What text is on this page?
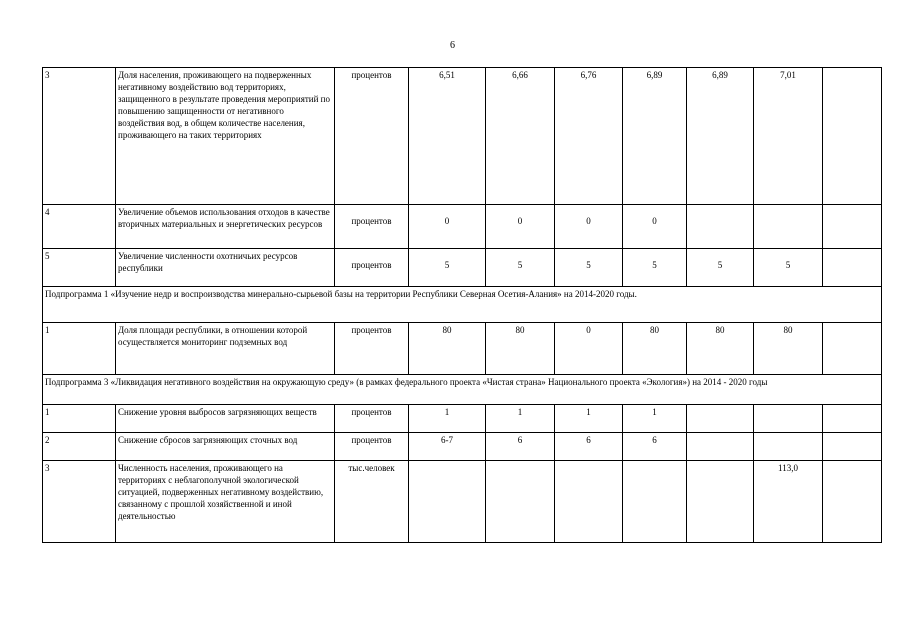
6
3	Доля населения, проживающего на подверженных негативному воздействию вод территориях, защищенного в результате проведения мероприятий по повышению защищенности от негативного воздействия вод, в общем количестве населения, проживающего на таких территориях	процентов	6,51	6,66	6,76	6,89	6,89	7,01	
4	Увеличение объемов использования отходов в качестве вторичных материальных и энергетических ресурсов	процентов	0	0	0	0			
5	Увеличение численности охотничьих ресурсов республики	процентов	5	5	5	5	5	5	
Подпрограмма 1 «Изучение недр и воспроизводства минерально-сырьевой базы на территории Республики Северная Осетия-Алания» на 2014-2020 годы.									
1	Доля площади республики, в отношении которой осуществляется мониторинг подземных вод	процентов	80	80	0	80	80	80	
Подпрограмма 3 «Ликвидация негативного воздействия на окружающую среду» (в рамках федерального проекта «Чистая страна» Национального проекта «Экология») на 2014 - 2020 годы									
1	Снижение уровня выбросов загрязняющих веществ	процентов	1	1	1	1			
2	Снижение сбросов загрязняющих сточных вод	процентов	6-7	6	6	6			
3	Численность населения, проживающего на территориях с неблагополучной экологической ситуацией, подверженных негативному воздействию, связанному с прошлой хозяйственной и иной деятельностью	тыс.человек						113,0	
